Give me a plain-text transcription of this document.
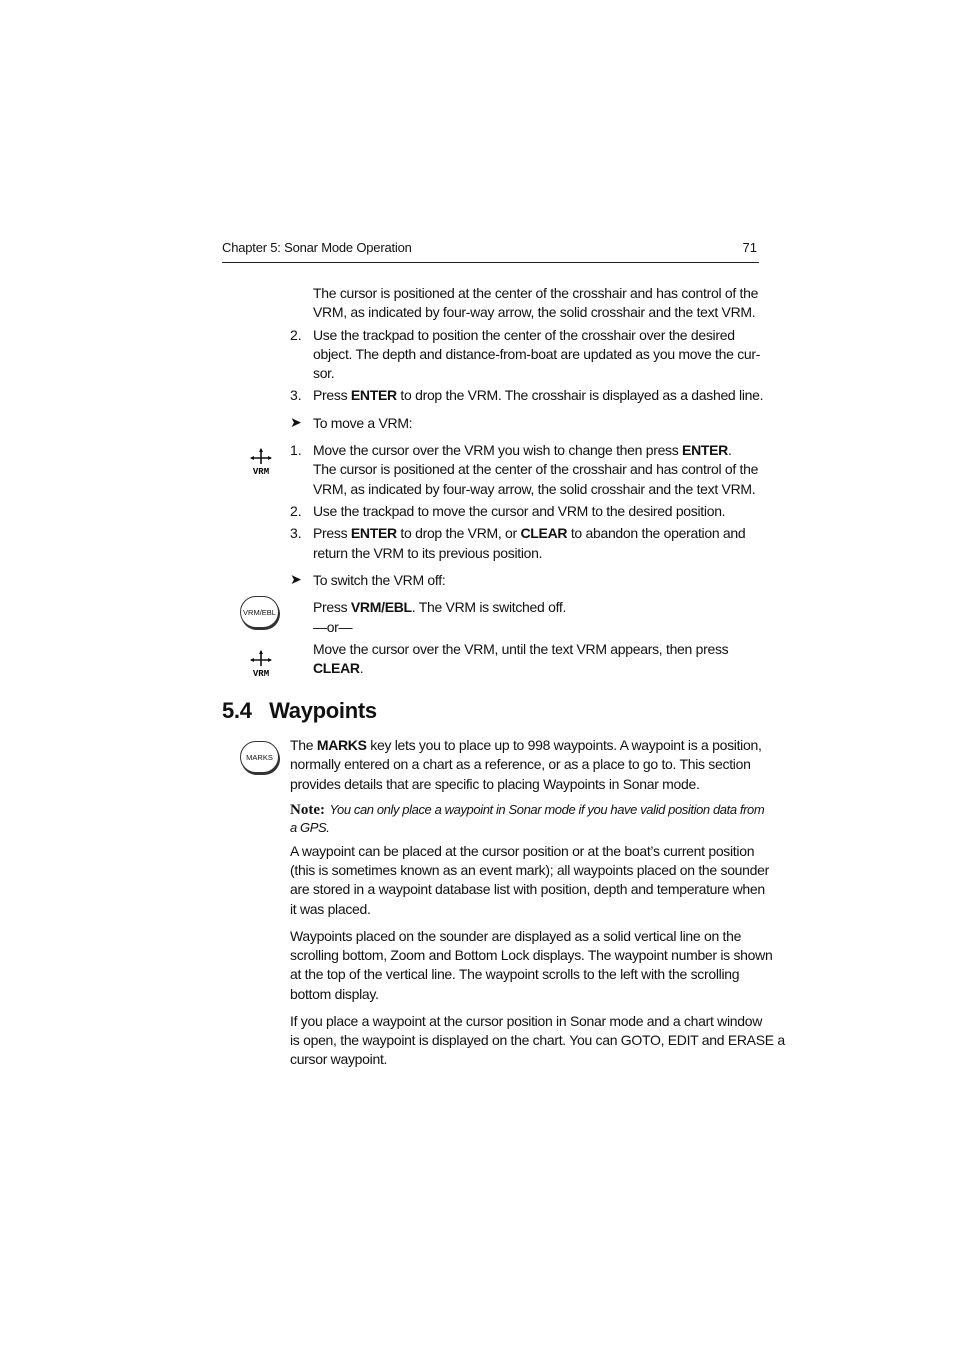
Chapter 5: Sonar Mode Operation	71
The cursor is positioned at the center of the crosshair and has control of the
VRM, as indicated by four-way arrow, the solid crosshair and the text VRM.
2. Use the trackpad to position the center of the crosshair over the desired
object. The depth and distance-from-boat are updated as you move the cur-
sor.
3. Press ENTER to drop the VRM. The crosshair is displayed as a dashed line.
➤ To move a VRM:
VRM
1. Move the cursor over the VRM you wish to change then press ENTER.
The cursor is positioned at the center of the crosshair and has control of the
VRM, as indicated by four-way arrow, the solid crosshair and the text VRM.
2. Use the trackpad to move the cursor and VRM to the desired position.
3. Press ENTER to drop the VRM, or CLEAR to abandon the operation and
return the VRM to its previous position.
➤ To switch the VRM off:
VRM/EBL	Press VRM/EBL. The VRM is switched off.
—or—
VRM
Move the cursor over the VRM, until the text VRM appears, then press
CLEAR.
5.4   Waypoints
MARKS
The MARKS key lets you to place up to 998 waypoints. A waypoint is a position,
normally entered on a chart as a reference, or as a place to go to. This section
provides details that are specific to placing Waypoints in Sonar mode.
Note: You can only place a waypoint in Sonar mode if you have valid position data from
a GPS.
A waypoint can be placed at the cursor position or at the boat’s current position
(this is sometimes known as an event mark); all waypoints placed on the sounder
are stored in a waypoint database list with position, depth and temperature when
it was placed.
Waypoints placed on the sounder are displayed as a solid vertical line on the
scrolling bottom, Zoom and Bottom Lock displays. The waypoint number is shown
at the top of the vertical line. The waypoint scrolls to the left with the scrolling
bottom display.
If you place a waypoint at the cursor position in Sonar mode and a chart window
is open, the waypoint is displayed on the chart. You can GOTO, EDIT and ERASE a
cursor waypoint.
